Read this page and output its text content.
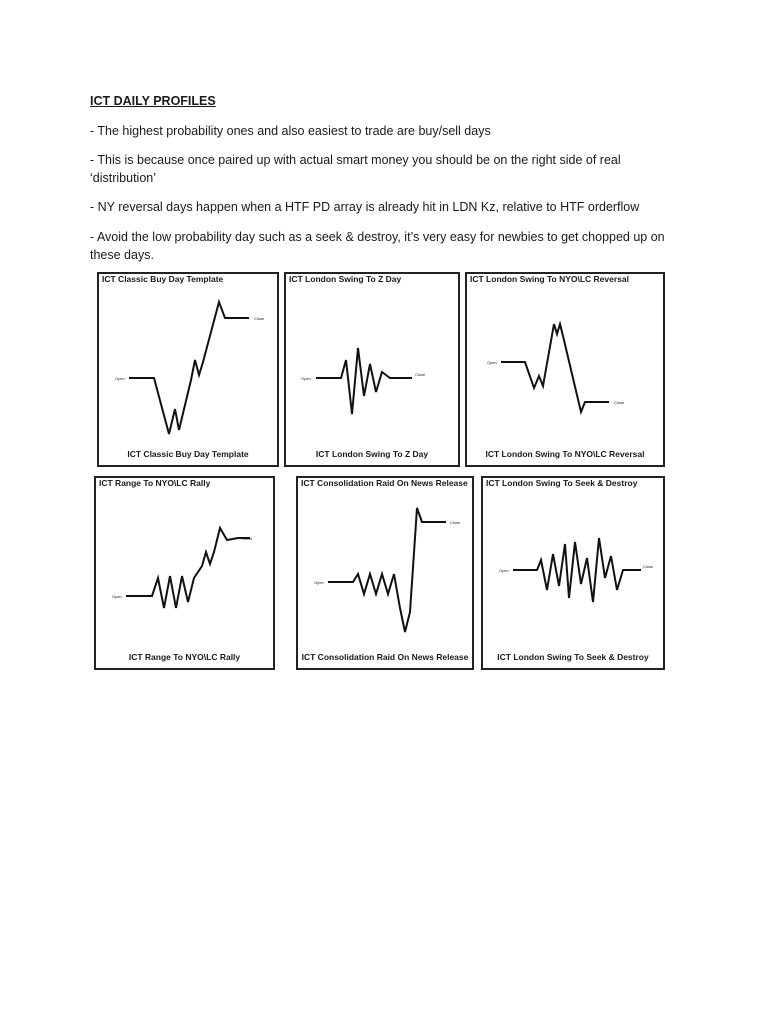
ICT DAILY PROFILES
- The highest probability ones and also easiest to trade are buy/sell days
- This is because once paired up with actual smart money you should be on the right side of real ‘distribution’
- NY reversal days happen when a HTF PD array is already hit in LDN Kz, relative to HTF orderflow
- Avoid the low probability day such as a seek & destroy, it’s very easy for newbies to get chopped up on these days.
ICT Classic Buy Day Template
Open
Close
ICT Classic Buy Day Template
ICT London Swing To Z Day
Open
Close
ICT London Swing To Z Day
ICT London Swing To NYO\LC Reversal
Open
Close
ICT London Swing To NYO\LC Reversal
ICT Range To NYO\LC Rally
Open
Close
ICT Range To NYO\LC Rally
ICT Consolidation Raid On News Release
Open
Close
ICT Consolidation Raid On News Release
ICT London Swing To Seek & Destroy
Open
Close
ICT London Swing To Seek & Destroy
